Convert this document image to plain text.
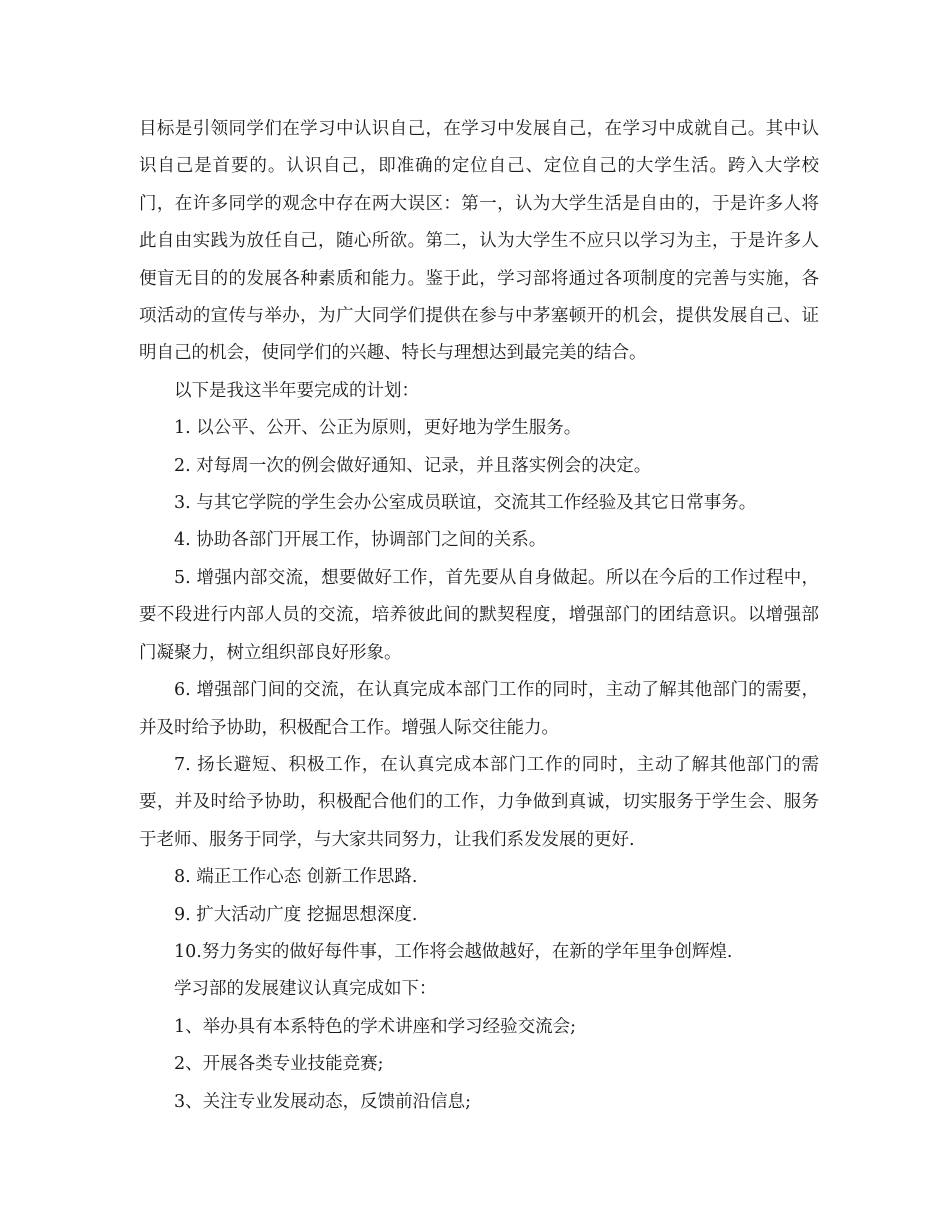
目标是引领同学们在学习中认识自己，在学习中发展自己，在学习中成就自己。其中认识自己是首要的。认识自己，即准确的定位自己、定位自己的大学生活。跨入大学校门，在许多同学的观念中存在两大误区：第一，认为大学生活是自由的，于是许多人将此自由实践为放任自己，随心所欲。第二，认为大学生不应只以学习为主，于是许多人便盲无目的的发展各种素质和能力。鉴于此，学习部将通过各项制度的完善与实施，各项活动的宣传与举办，为广大同学们提供在参与中茅塞顿开的机会，提供发展自己、证明自己的机会，使同学们的兴趣、特长与理想达到最完美的结合。

以下是我这半年要完成的计划：

1. 以公平、公开、公正为原则，更好地为学生服务。

2. 对每周一次的例会做好通知、记录，并且落实例会的决定。

3. 与其它学院的学生会办公室成员联谊，交流其工作经验及其它日常事务。

4. 协助各部门开展工作，协调部门之间的关系。

5. 增强内部交流，想要做好工作，首先要从自身做起。所以在今后的工作过程中，要不段进行内部人员的交流，培养彼此间的默契程度，增强部门的团结意识。以增强部门凝聚力，树立组织部良好形象。

6. 增强部门间的交流，在认真完成本部门工作的同时，主动了解其他部门的需要，并及时给予协助，积极配合工作。增强人际交往能力。

7. 扬长避短、积极工作，在认真完成本部门工作的同时，主动了解其他部门的需要，并及时给予协助，积极配合他们的工作，力争做到真诚，切实服务于学生会、服务于老师、服务于同学，与大家共同努力，让我们系发发展的更好.

8. 端正工作心态 创新工作思路.

9. 扩大活动广度 挖掘思想深度.

10.努力务实的做好每件事，工作将会越做越好，在新的学年里争创辉煌.

学习部的发展建议认真完成如下：

1、举办具有本系特色的学术讲座和学习经验交流会;

2、开展各类专业技能竞赛;

3、关注专业发展动态，反馈前沿信息;
